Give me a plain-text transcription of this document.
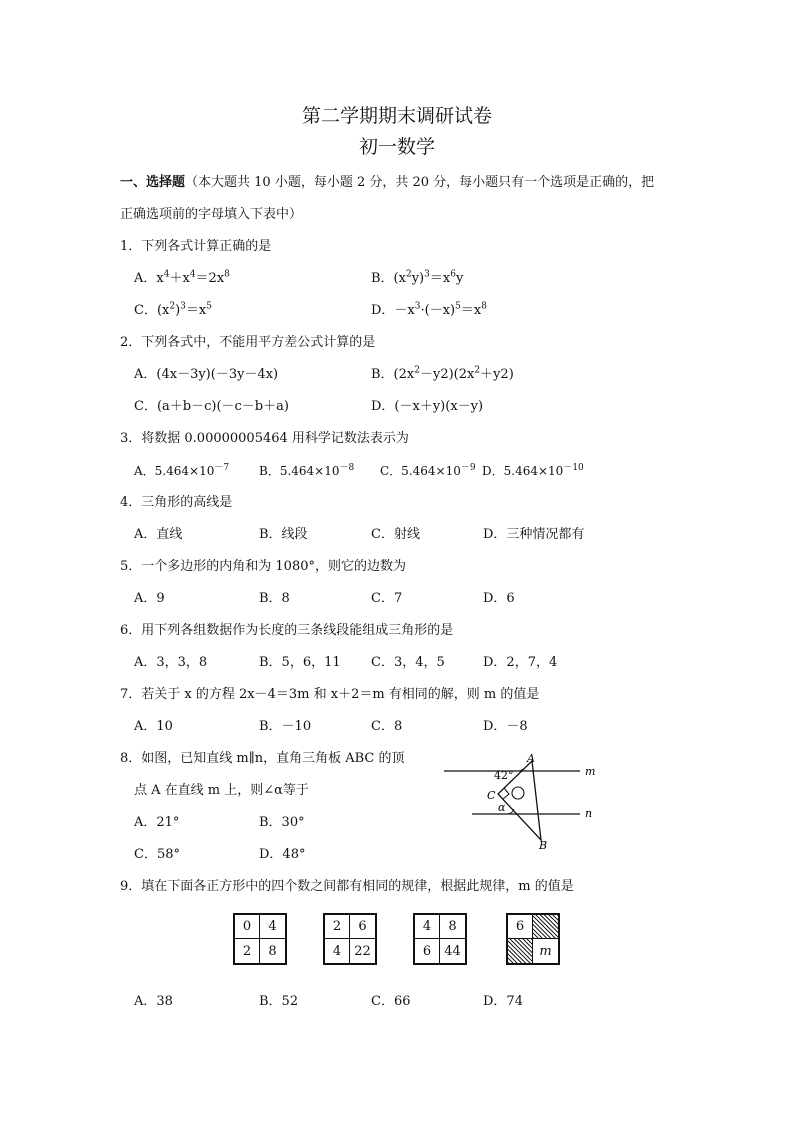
第二学期期末调研试卷
初一数学
一、选择题（本大题共 10 小题，每小题 2 分，共 20 分，每小题只有一个选项是正确的，把
正确选项前的字母填入下表中）
1．下列各式计算正确的是
A．$x^4+x^4=2x^8$	B．$(x^2y)^3=x^6y$
C．$(x^2)^3=x^5$	D．$-x^3\cdot(-x)^5=x^8$
2．下列各式中，不能用平方差公式计算的是
A．(4x－3y)(－3y－4x)	B．$(2x^2-y2)(2x^2+y2)$
C．(a＋b－c)(－c－b＋a)	D．(－x＋y)(x－y)
3．将数据 0.00000005464 用科学记数法表示为
A．$5.464\times 10^{-7}$ B．$5.464\times 10^{-8}$ C．$5.464\times 10^{-9}$ D．$5.464\times 10^{-10}$
4．三角形的高线是
A．直线	B．线段	C．射线	D．三种情况都有
5．一个多边形的内角和为 1080°，则它的边数为
A．9	B．8	C．7	D．6
6．用下列各组数据作为长度的三条线段能组成三角形的是
A．3，3，8	B．5，6，11 C．3，4，5	D．2，7，4
7．若关于 x 的方程 2x－4＝3m 和 x＋2＝m 有相同的解，则 m 的值是
A．10	B．－10	C．8	D．－8
8．如图，已知直线 m∥n，直角三角板 ABC 的顶
点 A 在直线 m 上，则∠α等于
A．21°	B．30°
C．58°	D．48°
42°
A
C
α
B
m
n
9．填在下面各正方形中的四个数之间都有相同的规律，根据此规律，m 的值是
0	4
2	8
2	6
4	22
4	8
6	44
6
m
A．38	B．52	C．66	D．74
